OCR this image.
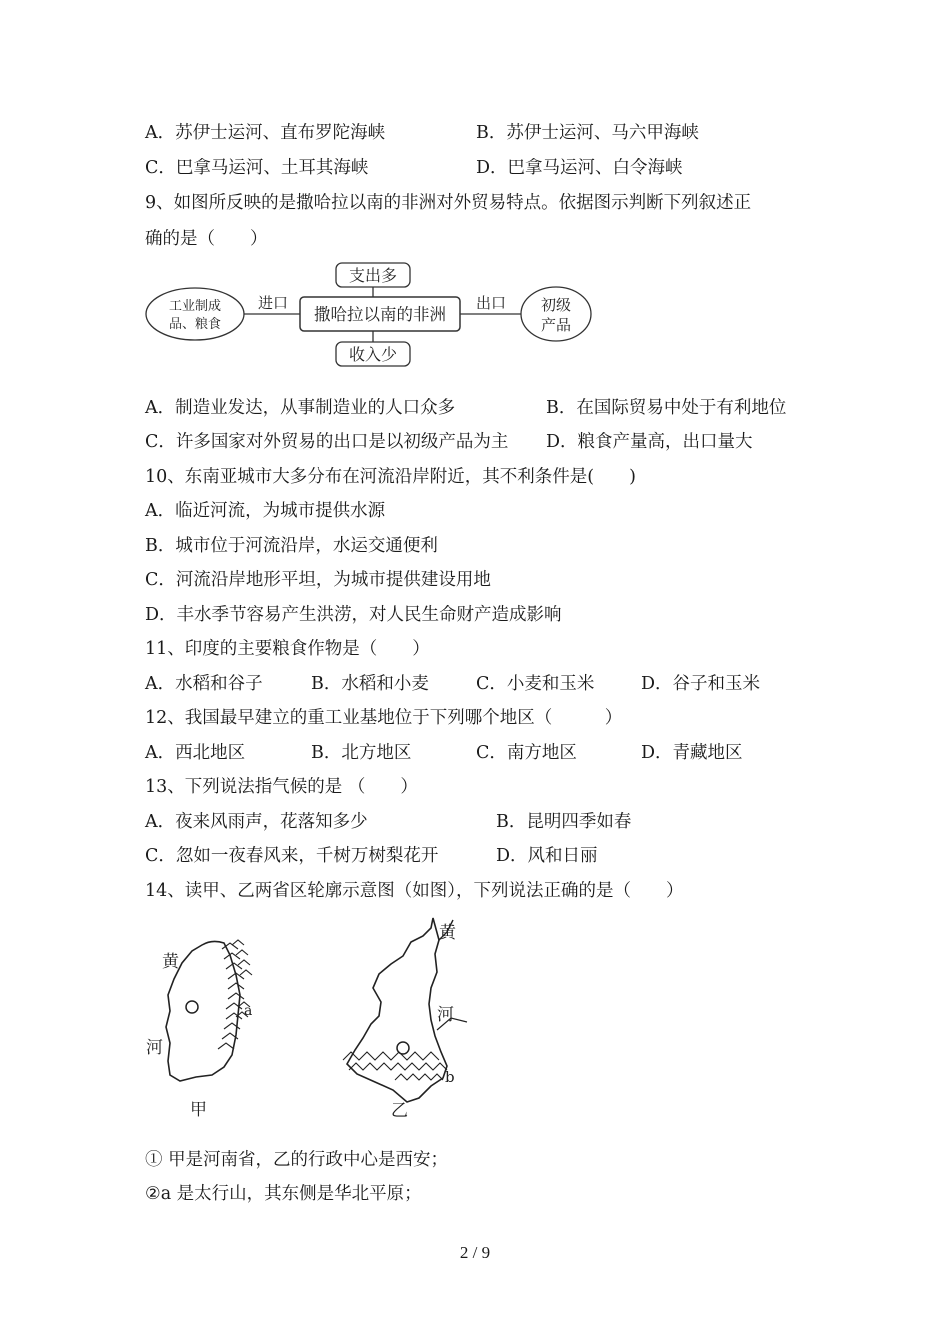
A．苏伊士运河、直布罗陀海峡	B．苏伊士运河、马六甲海峡
C．巴拿马运河、土耳其海峡	D．巴拿马运河、白令海峡
9、如图所反映的是撒哈拉以南的非洲对外贸易特点。依据图示判断下列叙述正
确的是（　　）
支出多
撒哈拉以南的非洲
收入少
工业制成
品、粮食
进口	出口 初级
产品
A．制造业发达，从事制造业的人口众多	B．在国际贸易中处于有利地位
C．许多国家对外贸易的出口是以初级产品为主 D．粮食产量高，出口量大
10、东南亚城市大多分布在河流沿岸附近，其不利条件是(　　)
A．临近河流，为城市提供水源
B．城市位于河流沿岸，水运交通便利
C．河流沿岸地形平坦，为城市提供建设用地
D．丰水季节容易产生洪涝，对人民生命财产造成影响
11、印度的主要粮食作物是（　　）
A．水稻和谷子	B．水稻和小麦	C．小麦和玉米	D．谷子和玉米
12、我国最早建立的重工业基地位于下列哪个地区（　　　）
A．西北地区	B．北方地区	C．南方地区	D．青藏地区
13、下列说法指气候的是 （　　）
A．夜来风雨声，花落知多少	B．昆明四季如春
C．忽如一夜春风来，千树万树梨花开	D．风和日丽
14、读甲、乙两省区轮廓示意图（如图），下列说法正确的是（　　）
黄
河
a
甲
黄
河
b
乙
① 甲是河南省，乙的行政中心是西安；
②a 是太行山，其东侧是华北平原；
2 / 9
